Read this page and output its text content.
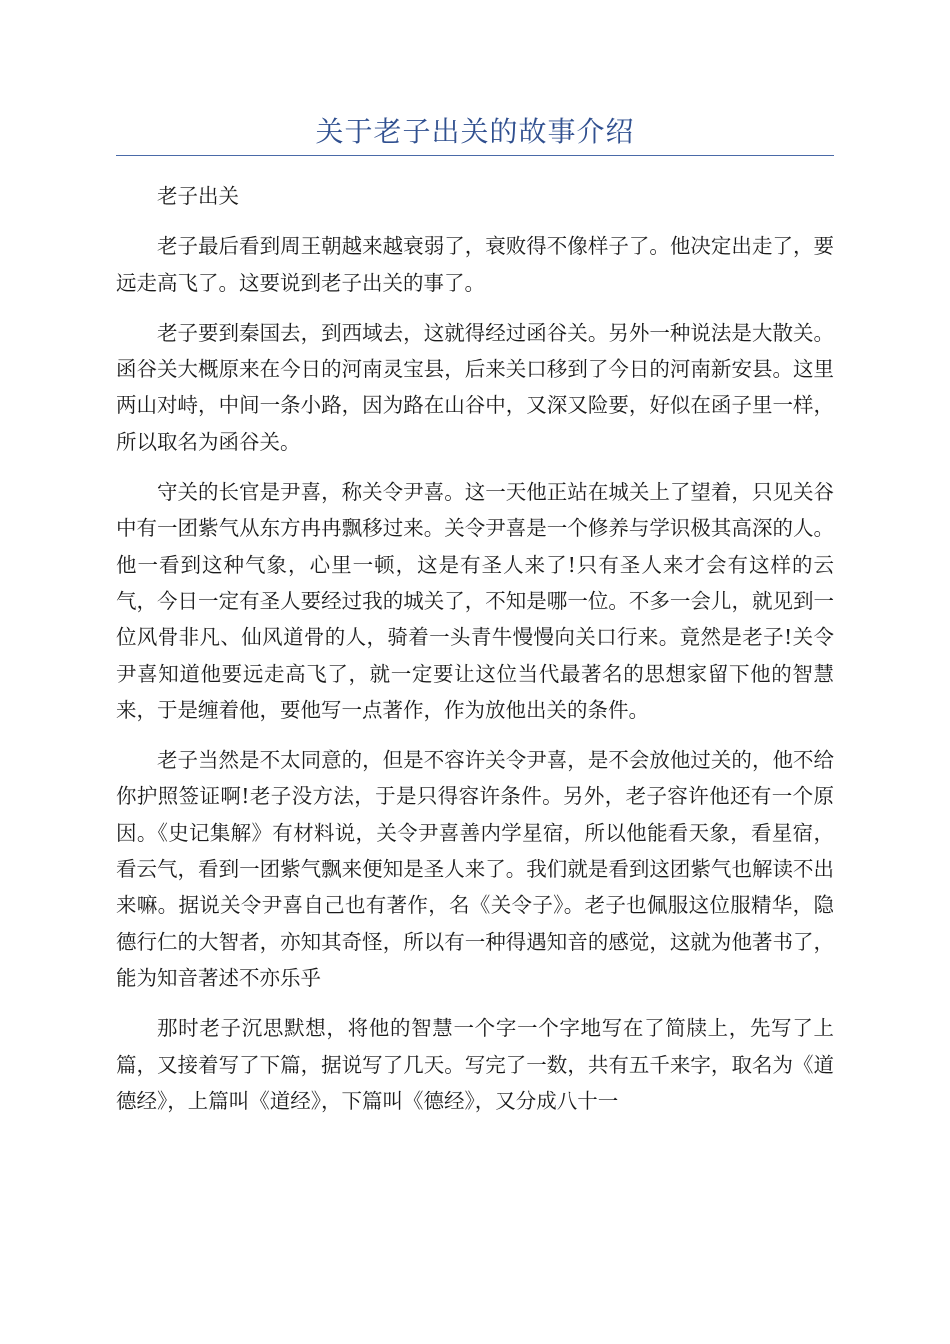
关于老子出关的故事介绍

老子出关

老子最后看到周王朝越来越衰弱了，衰败得不像样子了。他决定出走了，要远走高飞了。这要说到老子出关的事了。

老子要到秦国去，到西域去，这就得经过函谷关。另外一种说法是大散关。函谷关大概原来在今日的河南灵宝县，后来关口移到了今日的河南新安县。这里两山对峙，中间一条小路，因为路在山谷中，又深又险要，好似在函子里一样，所以取名为函谷关。

守关的长官是尹喜，称关令尹喜。这一天他正站在城关上了望着，只见关谷中有一团紫气从东方冉冉飘移过来。关令尹喜是一个修养与学识极其高深的人。他一看到这种气象，心里一顿，这是有圣人来了!只有圣人来才会有这样的云气，今日一定有圣人要经过我的城关了，不知是哪一位。不多一会儿，就见到一位风骨非凡、仙风道骨的人，骑着一头青牛慢慢向关口行来。竟然是老子!关令尹喜知道他要远走高飞了，就一定要让这位当代最著名的思想家留下他的智慧来，于是缠着他，要他写一点著作，作为放他出关的条件。

老子当然是不太同意的，但是不容许关令尹喜，是不会放他过关的，他不给你护照签证啊!老子没方法，于是只得容许条件。另外，老子容许他还有一个原因。《史记集解》有材料说，关令尹喜善内学星宿，所以他能看天象，看星宿，看云气，看到一团紫气飘来便知是圣人来了。我们就是看到这团紫气也解读不出来嘛。据说关令尹喜自己也有著作，名《关令子》。老子也佩服这位服精华，隐德行仁的大智者，亦知其奇怪，所以有一种得遇知音的感觉，这就为他著书了，能为知音著述不亦乐乎

那时老子沉思默想，将他的智慧一个字一个字地写在了简牍上，先写了上篇，又接着写了下篇，据说写了几天。写完了一数，共有五千来字，取名为《道德经》，上篇叫《道经》，下篇叫《德经》，又分成八十一
